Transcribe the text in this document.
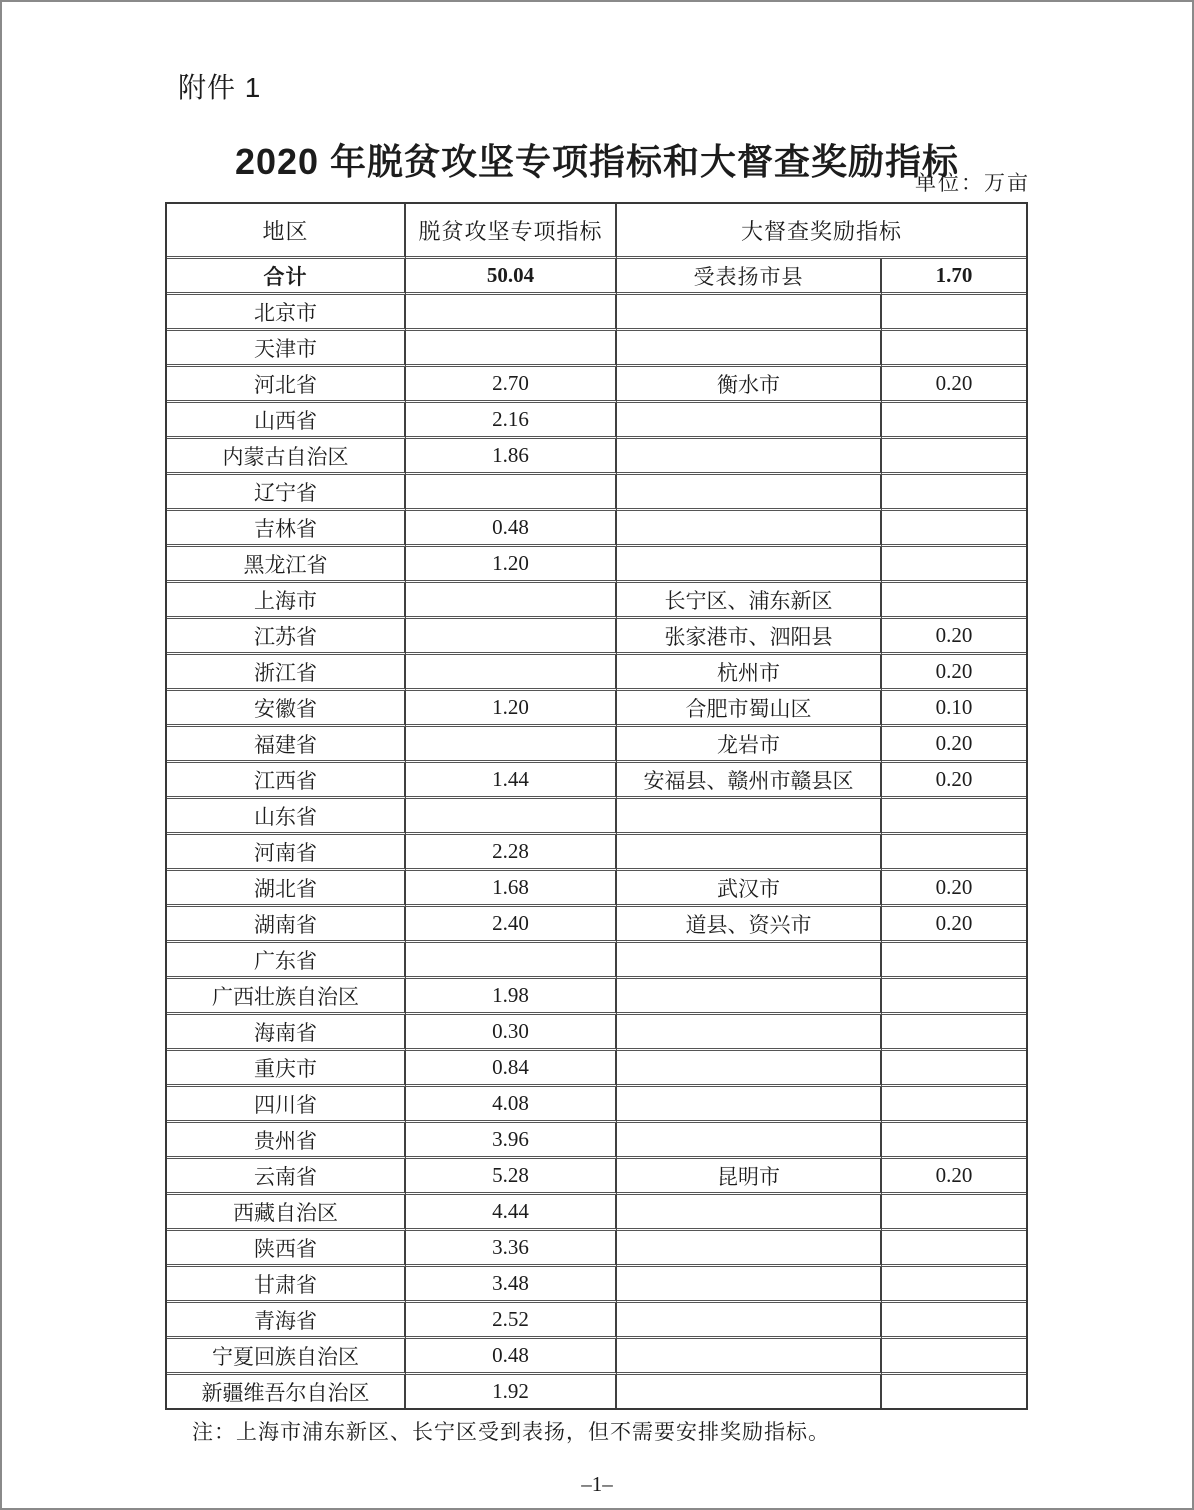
附件 1
2020 年脱贫攻坚专项指标和大督查奖励指标
单位：万亩
地区	脱贫攻坚专项指标	大督查奖励指标	
合计	50.04	受表扬市县	1.70
北京市			
天津市			
河北省	2.70	衡水市	0.20
山西省	2.16		
内蒙古自治区	1.86		
辽宁省			
吉林省	0.48		
黑龙江省	1.20		
上海市		长宁区、浦东新区	
江苏省		张家港市、泗阳县	0.20
浙江省		杭州市	0.20
安徽省	1.20	合肥市蜀山区	0.10
福建省		龙岩市	0.20
江西省	1.44	安福县、赣州市赣县区	0.20
山东省			
河南省	2.28		
湖北省	1.68	武汉市	0.20
湖南省	2.40	道县、资兴市	0.20
广东省			
广西壮族自治区	1.98		
海南省	0.30		
重庆市	0.84		
四川省	4.08		
贵州省	3.96		
云南省	5.28	昆明市	0.20
西藏自治区	4.44		
陕西省	3.36		
甘肃省	3.48		
青海省	2.52		
宁夏回族自治区	0.48		
新疆维吾尔自治区	1.92		
注：上海市浦东新区、长宁区受到表扬，但不需要安排奖励指标。
–1–
